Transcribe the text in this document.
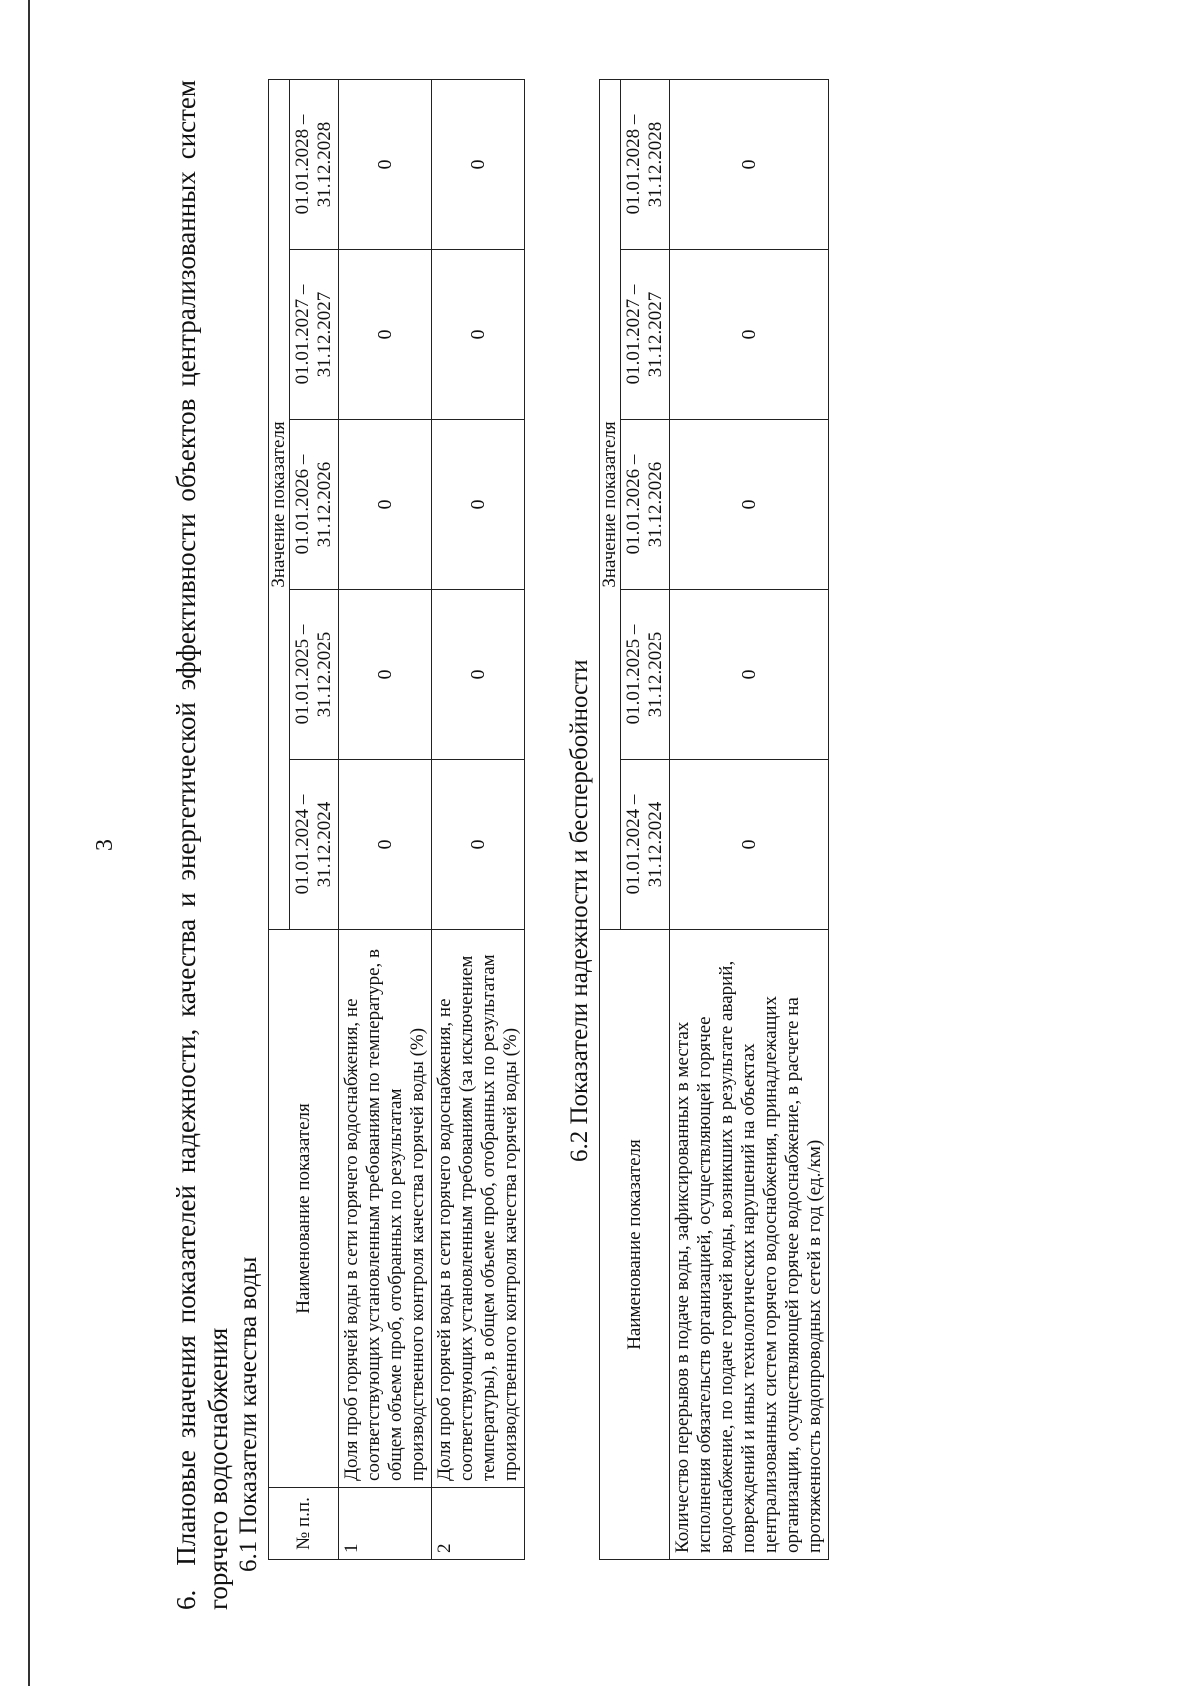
3

6.Плановые значения показателей надежности, качества и энергетической эффективности объектов централизованных систем горячего водоснабжения 6.1 Показатели качества воды № п.п.	Наименование показателя	Значение показателя				
		01.01.2024 – 31.12.2024	01.01.2025 – 31.12.2025	01.01.2026 – 31.12.2026	01.01.2027 – 31.12.2027	01.01.2028 – 31.12.2028
1	Доля проб горячей воды в сети горячего водоснабжения, не соответствующих установленным требованиям по температуре, в общем объеме проб, отобранных по результатам производственного контроля качества горячей воды (%)	0	0	0	0	0
2	Доля проб горячей воды в сети горячего водоснабжения, не соответствующих установленным требованиям (за исключением температуры), в общем объеме проб, отобранных по результатам производственного контроля качества горячей воды (%)	0	0	0	0	0
6.2 Показатели надежности и бесперебойности
Наименование показателя	Значение показателя				
	01.01.2024 – 31.12.2024	01.01.2025 – 31.12.2025	01.01.2026 – 31.12.2026	01.01.2027 – 31.12.2027	01.01.2028 – 31.12.2028
Количество перерывов в подаче воды, зафиксированных в местах исполнения обязательств организацией, осуществляющей горячее водоснабжение, по подаче горячей воды, возникших в результате аварий, повреждений и иных технологических нарушений на объектах централизованных систем горячего водоснабжения, принадлежащих организации, осуществляющей горячее водоснабжение, в расчете на протяженность водопроводных сетей в год (ед./км)	0	0	0	0	0
